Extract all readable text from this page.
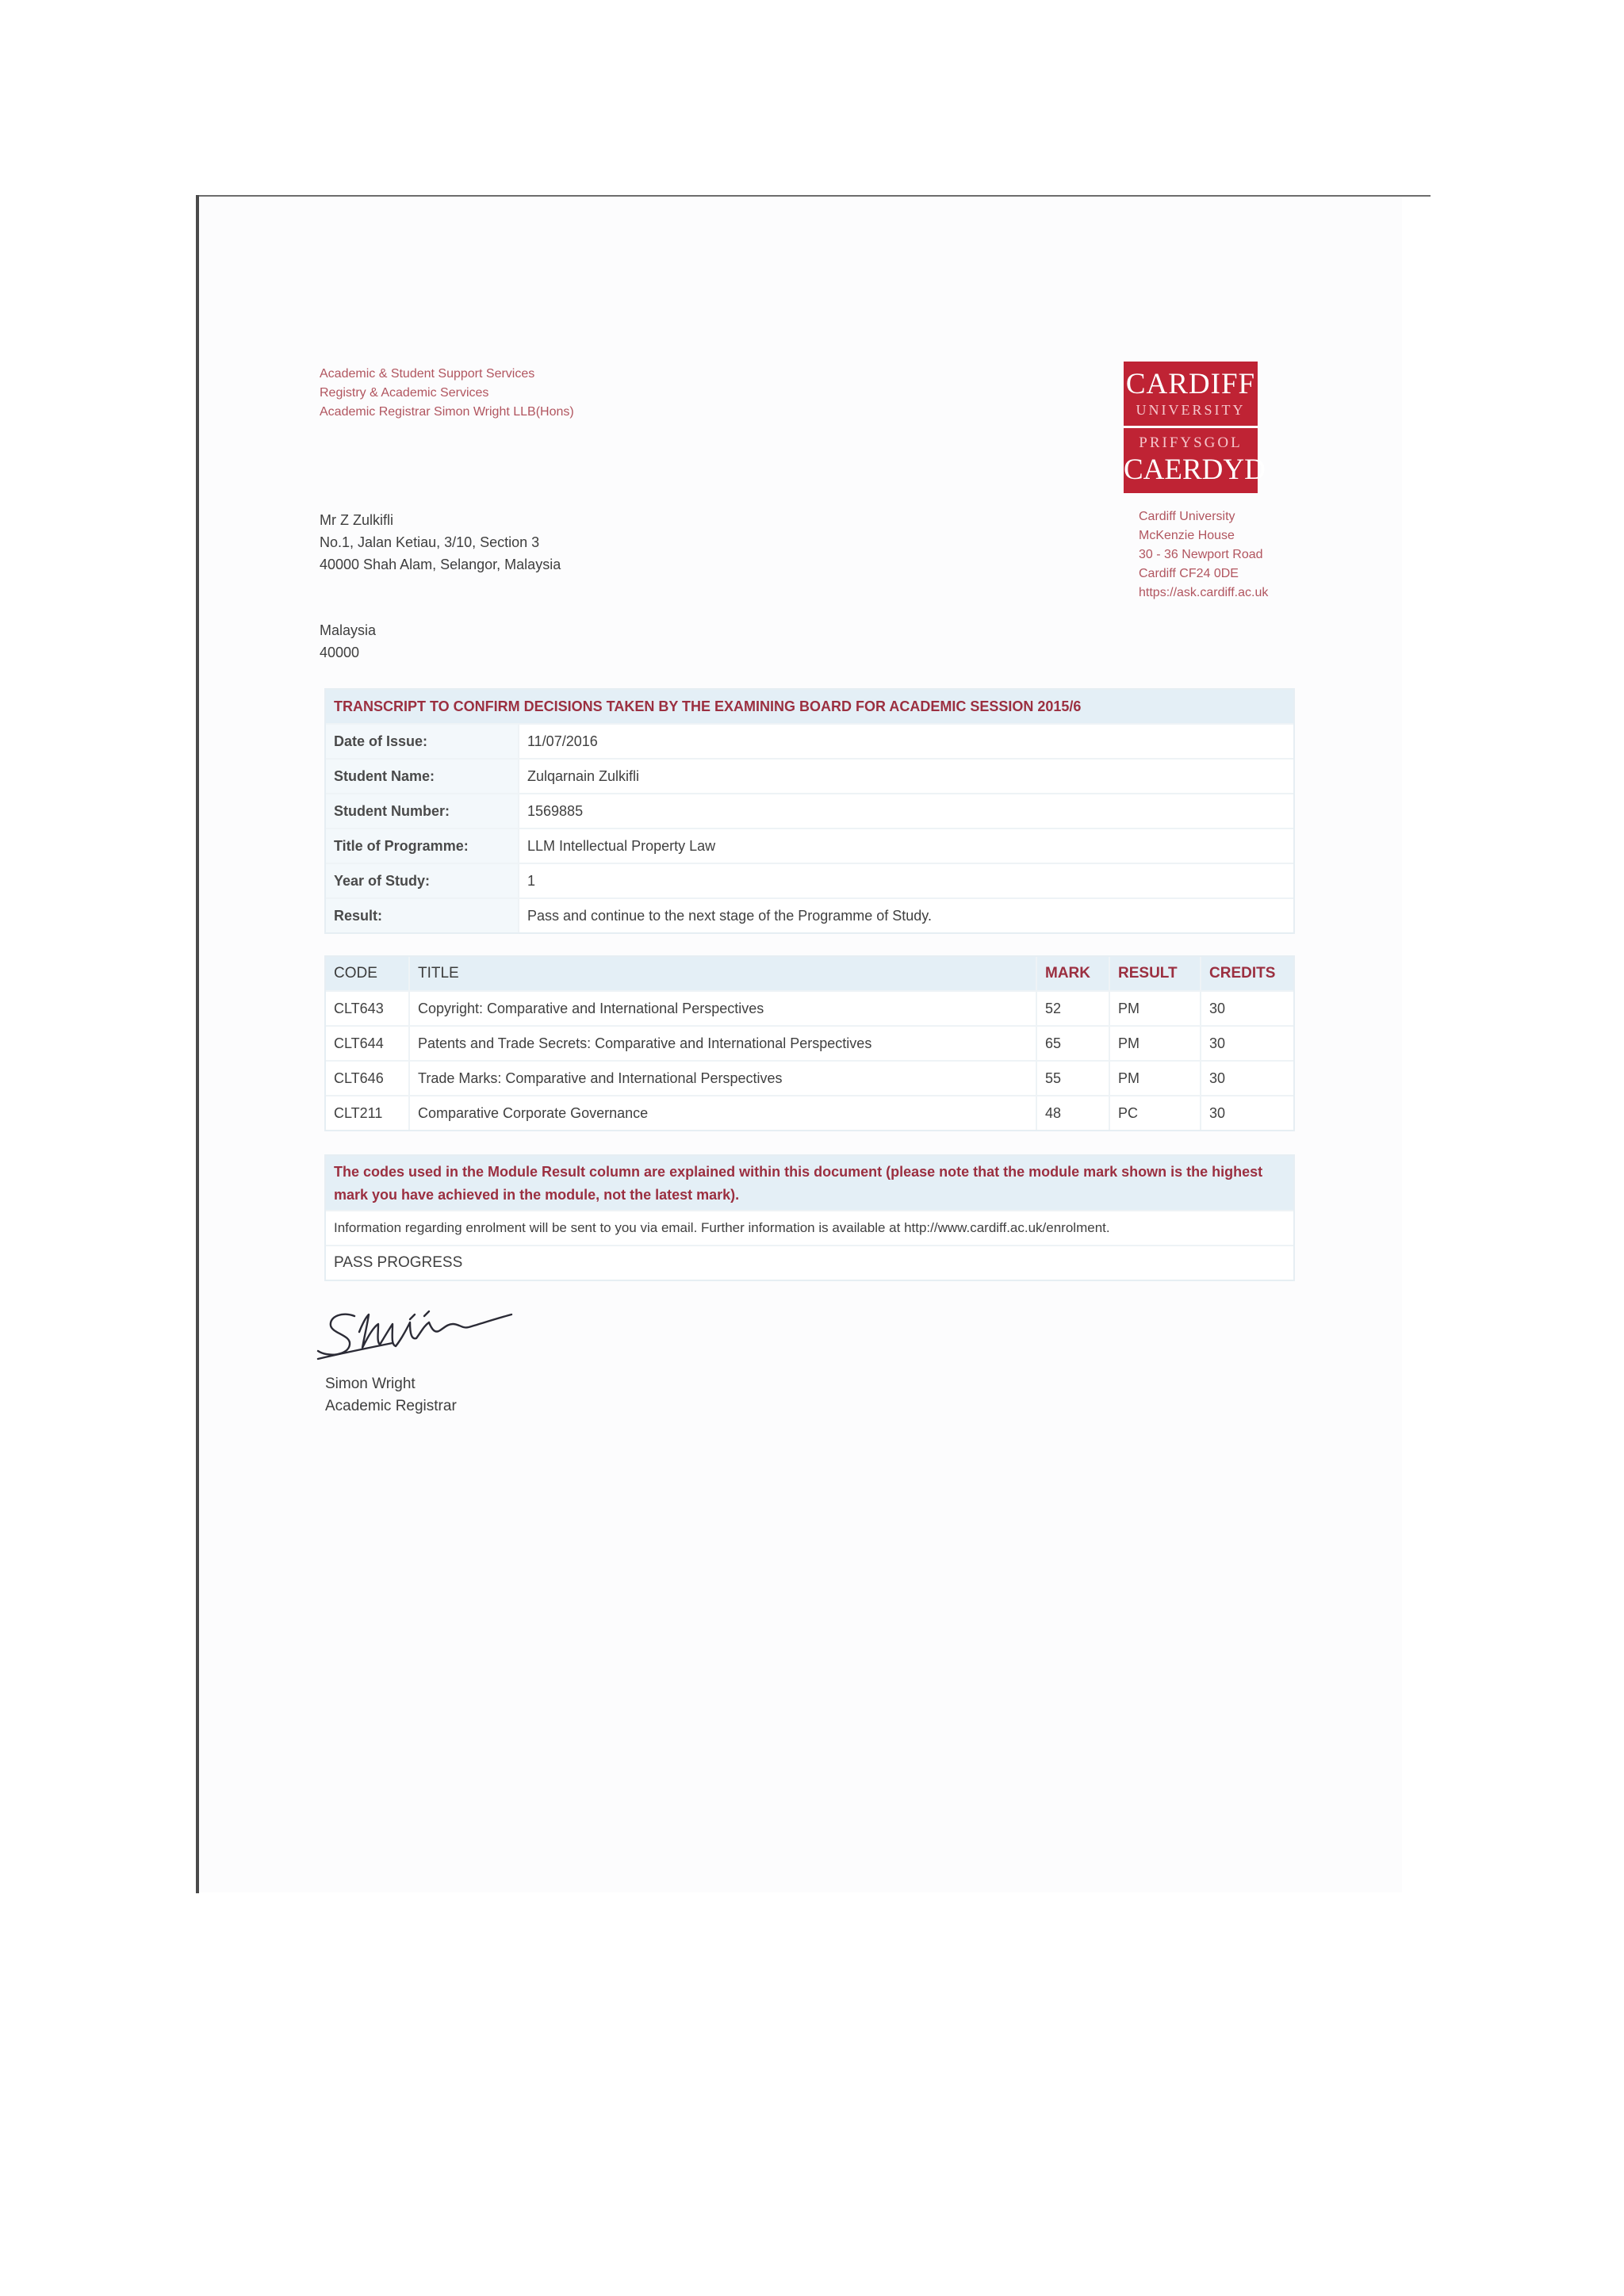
Academic & Student Support Services
Registry & Academic Services
Academic Registrar Simon Wright LLB(Hons)
CARDIFF
UNIVERSITY
PRIFYSGOL
CAERDYD
Cardiff University
McKenzie House
30 - 36 Newport Road
Cardiff CF24 0DE
https://ask.cardiff.ac.uk
Mr Z Zulkifli
No.1, Jalan Ketiau, 3/10, Section 3
40000 Shah Alam, Selangor, Malaysia
Malaysia
40000
TRANSCRIPT TO CONFIRM DECISIONS TAKEN BY THE EXAMINING BOARD FOR ACADEMIC SESSION 2015/6
Date of Issue:	11/07/2016
Student Name:	Zulqarnain Zulkifli
Student Number:	1569885
Title of Programme:	LLM Intellectual Property Law
Year of Study:	1
Result:	Pass and continue to the next stage of the Programme of Study.
CODE	TITLE	MARK	RESULT	CREDITS
CLT643	Copyright: Comparative and International Perspectives	52	PM	30
CLT644	Patents and Trade Secrets: Comparative and International Perspectives	65	PM	30
CLT646	Trade Marks: Comparative and International Perspectives	55	PM	30
CLT211	Comparative Corporate Governance	48	PC	30
The codes used in the Module Result column are explained within this document (please note that the module mark shown is the highest mark you have achieved in the module, not the latest mark).
Information regarding enrolment will be sent to you via email. Further information is available at http://www.cardiff.ac.uk/enrolment.
PASS PROGRESS
Simon Wright
Academic Registrar
